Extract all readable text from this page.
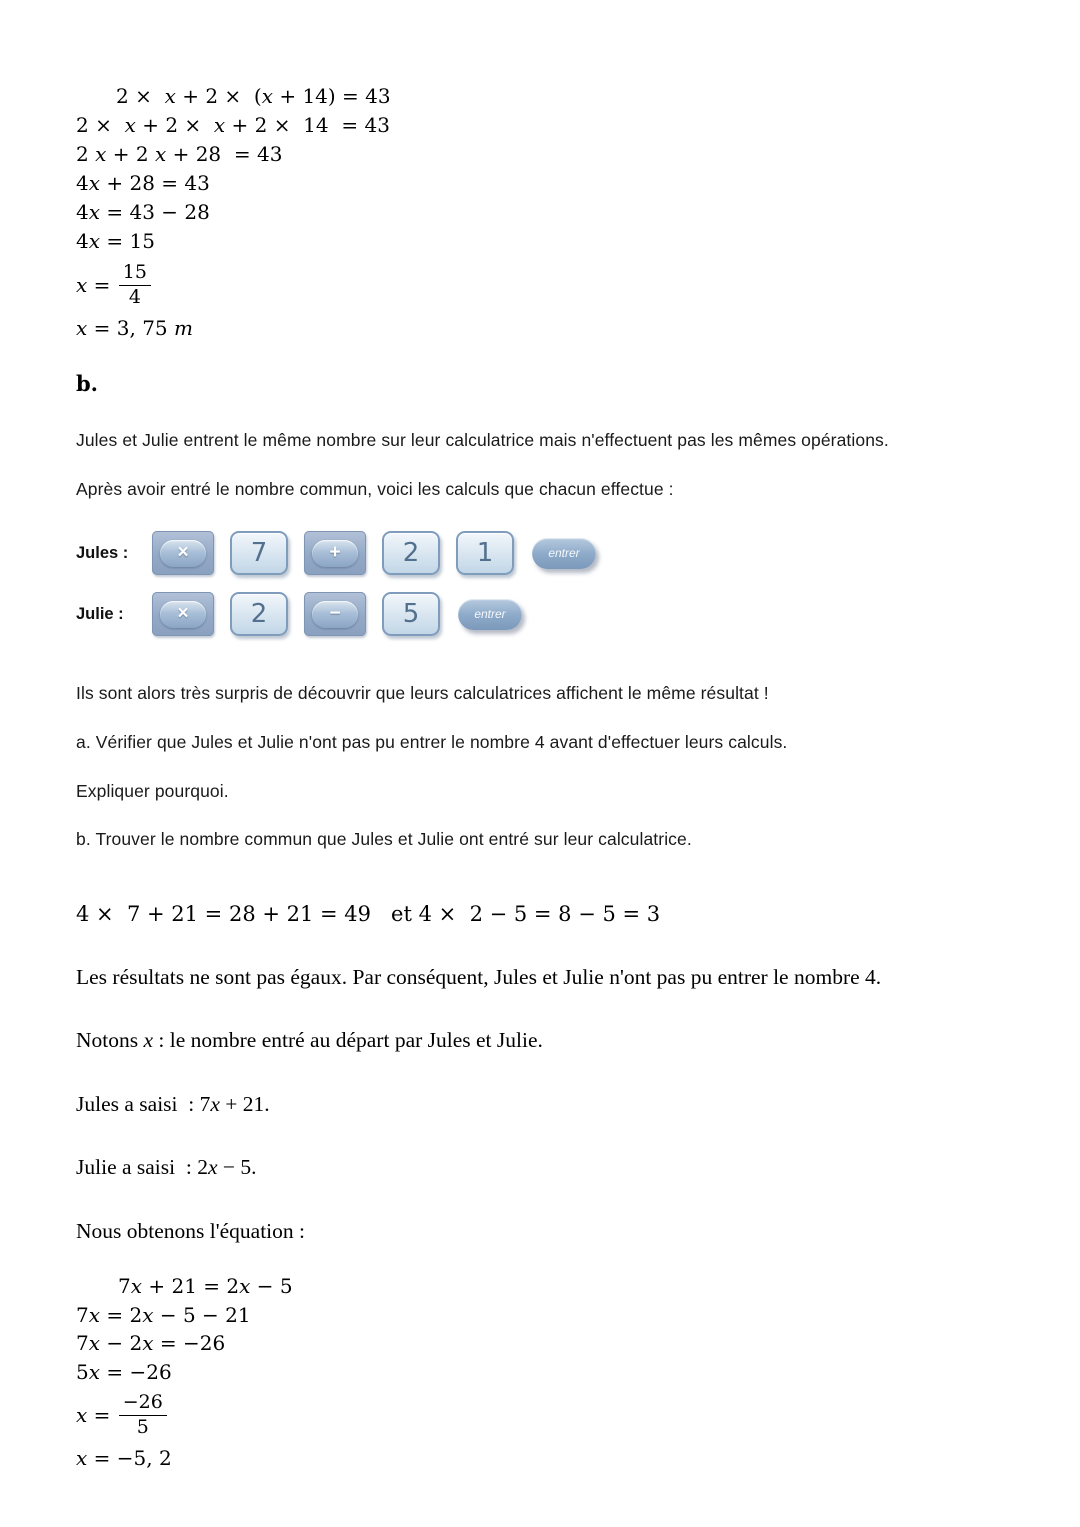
2 ×  x + 2 ×  (x + 14) = 43
2 ×  x + 2 ×  x + 2 ×  14  = 43
2 x + 2 x + 28  = 43
4x + 28 = 43
4x = 43 − 28
4x = 15
$x = \frac{15}{4}$
x = 3, 75 m
b.

Jules et Julie entrent le même nombre sur leur calculatrice mais n'effectuent pas les mêmes opérations.

Après avoir entré le nombre commun, voici les calculs que chacun effectue :

Jules :	×	7	+	2	1	entrer
Julie :	×	2	−	5	entrer

Ils sont alors très surpris de découvrir que leurs calculatrices affichent le même résultat !

a. Vérifier que Jules et Julie n'ont pas pu entrer le nombre 4 avant d'effectuer leurs calculs.

Expliquer pourquoi.

b. Trouver le nombre commun que Jules et Julie ont entré sur leur calculatrice.

4 ×  7 + 21 = 28 + 21 = 49   et 4 ×  2 − 5 = 8 − 5 = 3

Les résultats ne sont pas égaux. Par conséquent, Jules et Julie n'ont pas pu entrer le nombre 4.

Notons x : le nombre entré au départ par Jules et Julie.

Jules a saisi  : 7x + 21.

Julie a saisi  : 2x − 5.

Nous obtenons l'équation :

7x + 21 = 2x − 5
7x = 2x − 5 − 21
7x − 2x = −26
5x = −26
$x = \frac{-26}{5}$
x = −5, 2
